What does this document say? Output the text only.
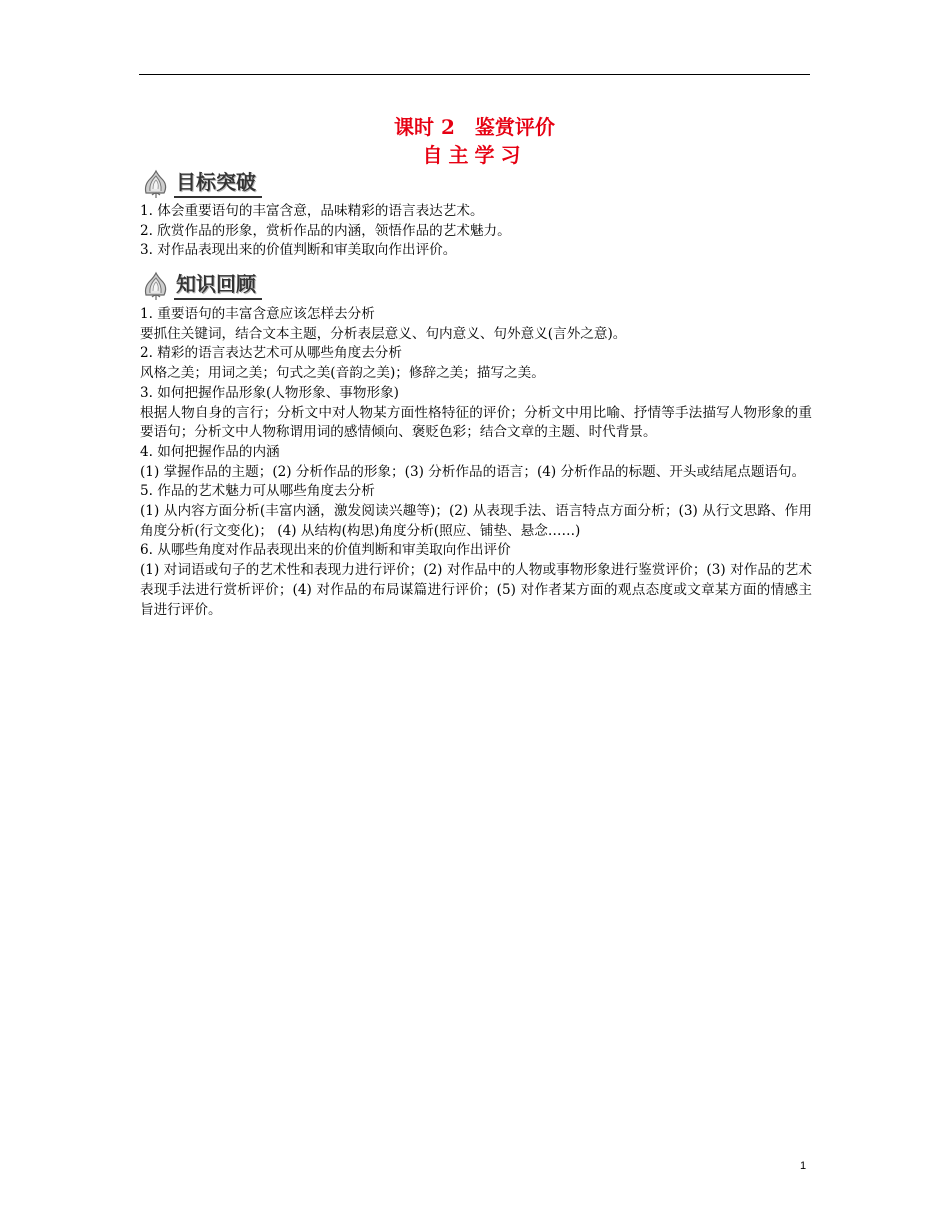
课时 2　鉴赏评价
自主学习
目标突破

1. 体会重要语句的丰富含意，品味精彩的语言表达艺术。

2. 欣赏作品的形象，赏析作品的内涵，领悟作品的艺术魅力。

3. 对作品表现出来的价值判断和审美取向作出评价。

知识回顾

1. 重要语句的丰富含意应该怎样去分析

要抓住关键词，结合文本主题，分析表层意义、句内意义、句外意义(言外之意)。

2. 精彩的语言表达艺术可从哪些角度去分析

风格之美；用词之美；句式之美(音韵之美)；修辞之美；描写之美。

3. 如何把握作品形象(人物形象、事物形象)

根据人物自身的言行；分析文中对人物某方面性格特征的评价；分析文中用比喻、抒情等手法描写人物形象的重要语句；分析文中人物称谓用词的感情倾向、褒贬色彩；结合文章的主题、时代背景。

4. 如何把握作品的内涵

(1) 掌握作品的主题；(2) 分析作品的形象；(3) 分析作品的语言；(4) 分析作品的标题、开头或结尾点题语句。

5. 作品的艺术魅力可从哪些角度去分析

(1) 从内容方面分析(丰富内涵，激发阅读兴趣等)；(2) 从表现手法、语言特点方面分析；(3) 从行文思路、作用角度分析(行文变化)； (4) 从结构(构思)角度分析(照应、铺垫、悬念……)

6. 从哪些角度对作品表现出来的价值判断和审美取向作出评价

(1) 对词语或句子的艺术性和表现力进行评价；(2) 对作品中的人物或事物形象进行鉴赏评价；(3) 对作品的艺术表现手法进行赏析评价；(4) 对作品的布局谋篇进行评价；(5) 对作者某方面的观点态度或文章某方面的情感主旨进行评价。

1
